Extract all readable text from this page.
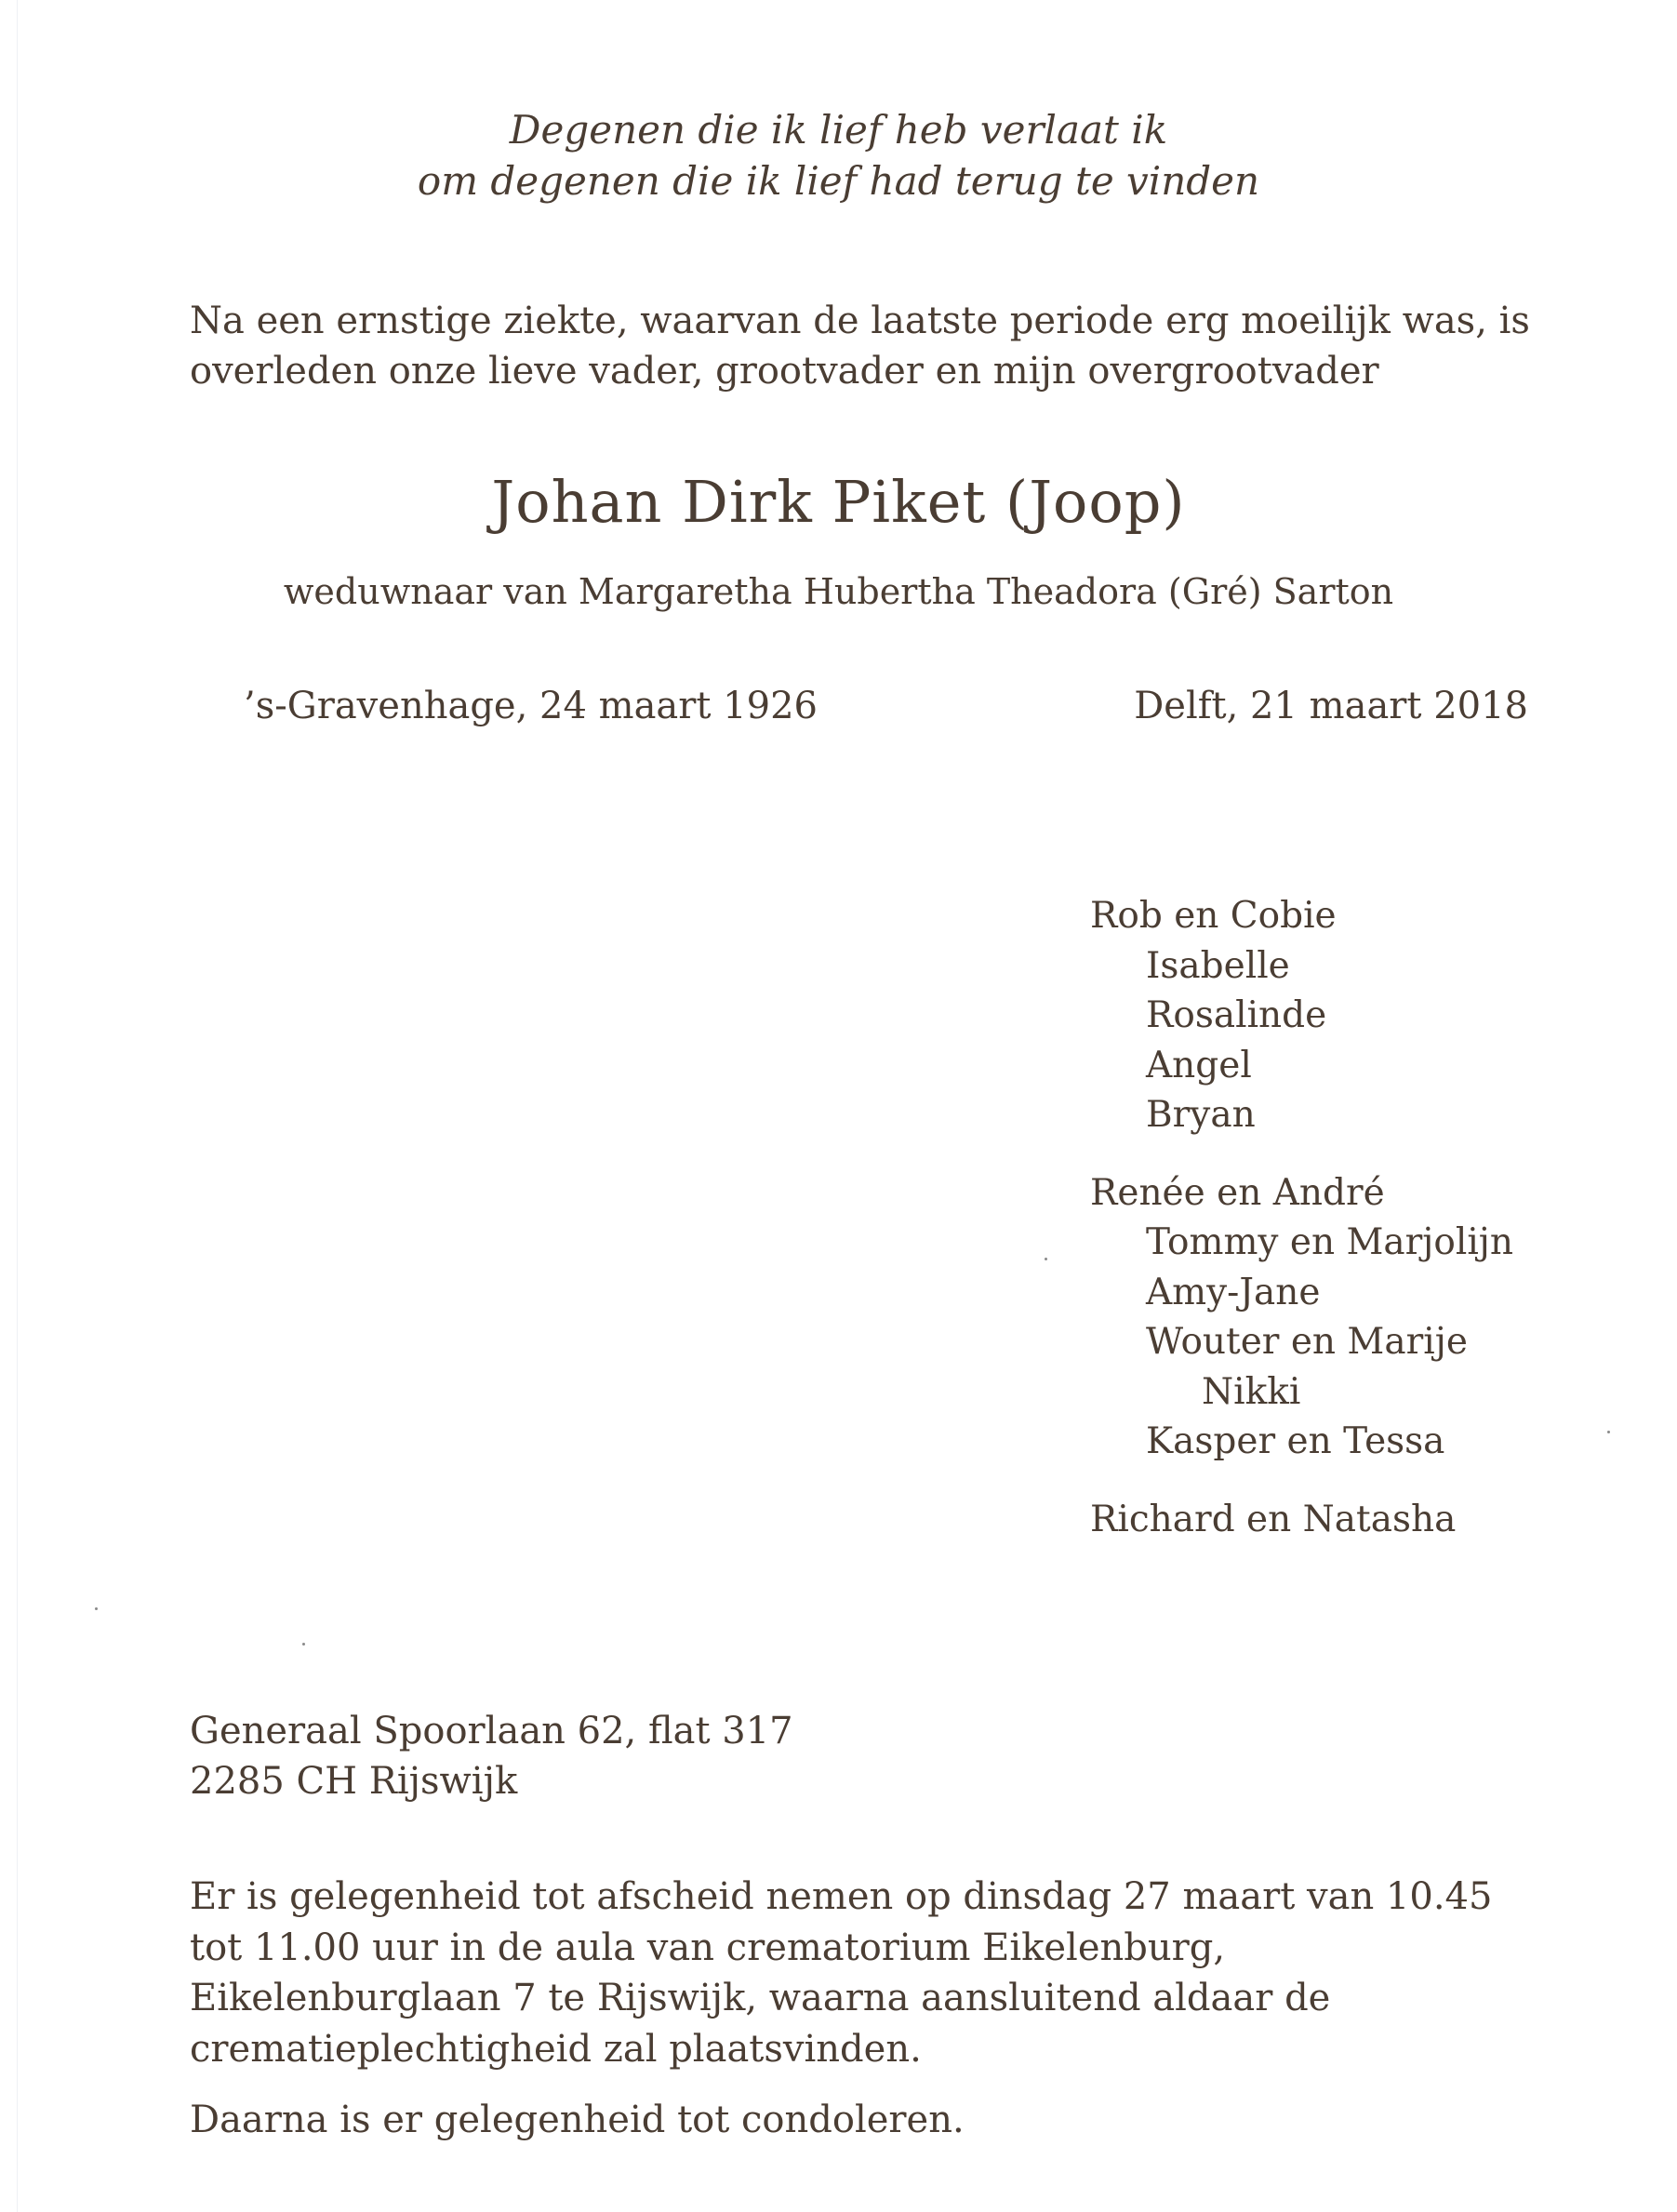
Degenen die ik lief heb verlaat ik
om degenen die ik lief had terug te vinden
Na een ernstige ziekte, waarvan de laatste periode erg moeilijk was, is overleden onze lieve vader, grootvader en mijn overgrootvader
Johan Dirk Piket (Joop)
weduwnaar van Margaretha Hubertha Theadora (Gré) Sarton
’s-Gravenhage, 24 maart 1926	Delft, 21 maart 2018
Rob en Cobie
Isabelle
Rosalinde
Angel
Bryan
Renée en André
Tommy en Marjolijn
Amy-Jane
Wouter en Marije
Nikki
Kasper en Tessa
Richard en Natasha
Generaal Spoorlaan 62, flat 317
2285 CH Rijswijk
Er is gelegenheid tot afscheid nemen op dinsdag 27 maart van 10.45 tot 11.00 uur in de aula van crematorium Eikelenburg, Eikelenburglaan 7 te Rijswijk, waarna aansluitend aldaar de crematieplechtigheid zal plaatsvinden.
Daarna is er gelegenheid tot condoleren.
